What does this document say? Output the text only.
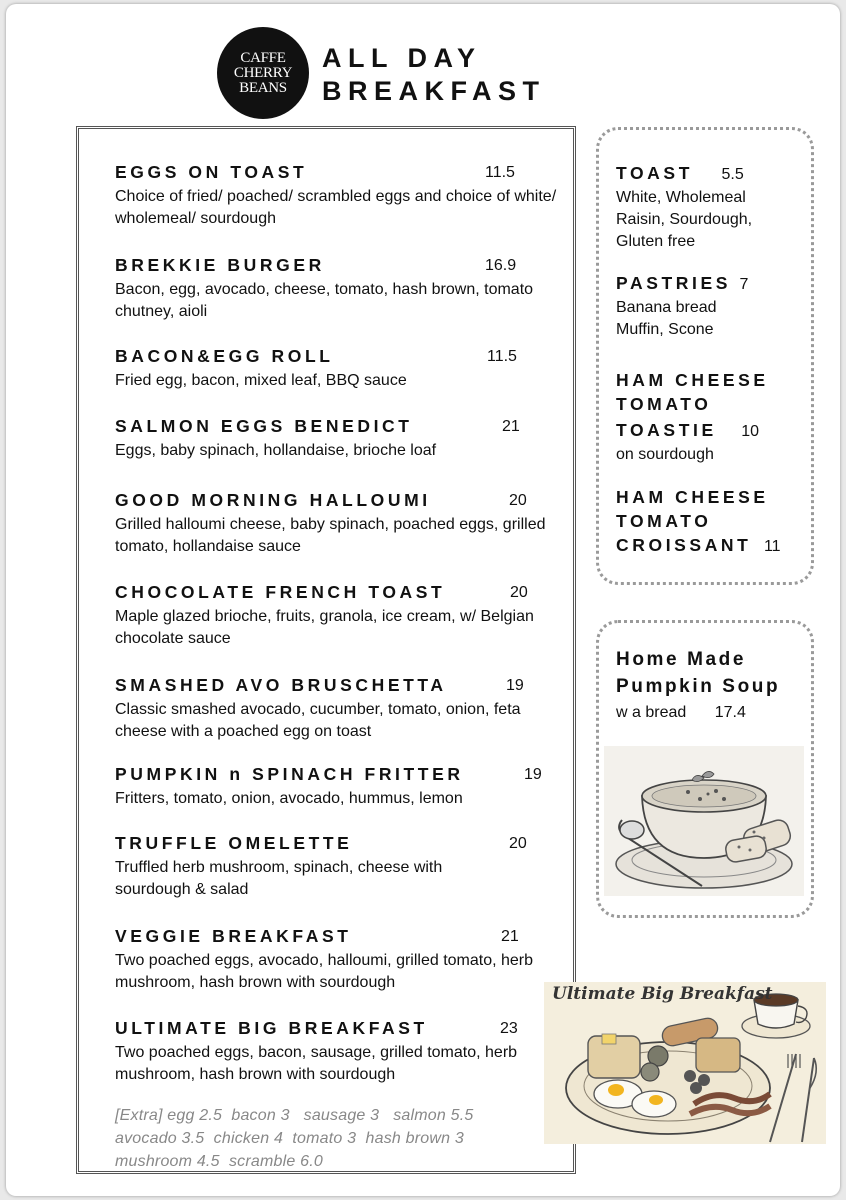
CAFFE
CHERRY
BEANS
ALL DAY
BREAKFAST
EGGS ON TOAST	11.5
Choice of fried/ poached/ scrambled eggs and choice of white/ wholemeal/ sourdough
BREKKIE BURGER	16.9
Bacon, egg, avocado, cheese, tomato, hash brown, tomato chutney, aioli
BACON&EGG ROLL	11.5
Fried egg, bacon, mixed leaf, BBQ sauce
SALMON EGGS BENEDICT	21
Eggs, baby spinach, hollandaise, brioche loaf
GOOD MORNING HALLOUMI	20
Grilled halloumi cheese, baby spinach, poached eggs, grilled tomato, hollandaise sauce
CHOCOLATE FRENCH TOAST	20
Maple glazed brioche, fruits, granola, ice cream, w/ Belgian chocolate sauce
SMASHED AVO BRUSCHETTA	19
Classic smashed avocado, cucumber, tomato, onion, feta cheese with a poached egg on toast
PUMPKIN n SPINACH FRITTER	19
Fritters, tomato, onion, avocado, hummus, lemon
TRUFFLE OMELETTE	20
Truffled herb mushroom, spinach, cheese with sourdough & salad
VEGGIE BREAKFAST	21
Two poached eggs, avocado, halloumi, grilled tomato, herb mushroom, hash brown with sourdough
ULTIMATE BIG BREAKFAST	23
Two poached eggs, bacon, sausage, grilled tomato, herb mushroom, hash brown with sourdough
[Extra] egg 2.5  bacon 3   sausage 3   salmon 5.5
avocado 3.5  chicken 4  tomato 3  hash brown 3
mushroom 4.5  scramble 6.0
TOAST 5.5
White, Wholemeal
Raisin, Sourdough,
Gluten free
PASTRIES 7
Banana bread
Muffin, Scone
HAM CHEESE
TOMATO
TOASTIE 10
on sourdough
HAM CHEESE
TOMATO
CROISSANT 11
Home Made
Pumpkin Soup
w a bread 17.4
Ultimate Big Breakfast
